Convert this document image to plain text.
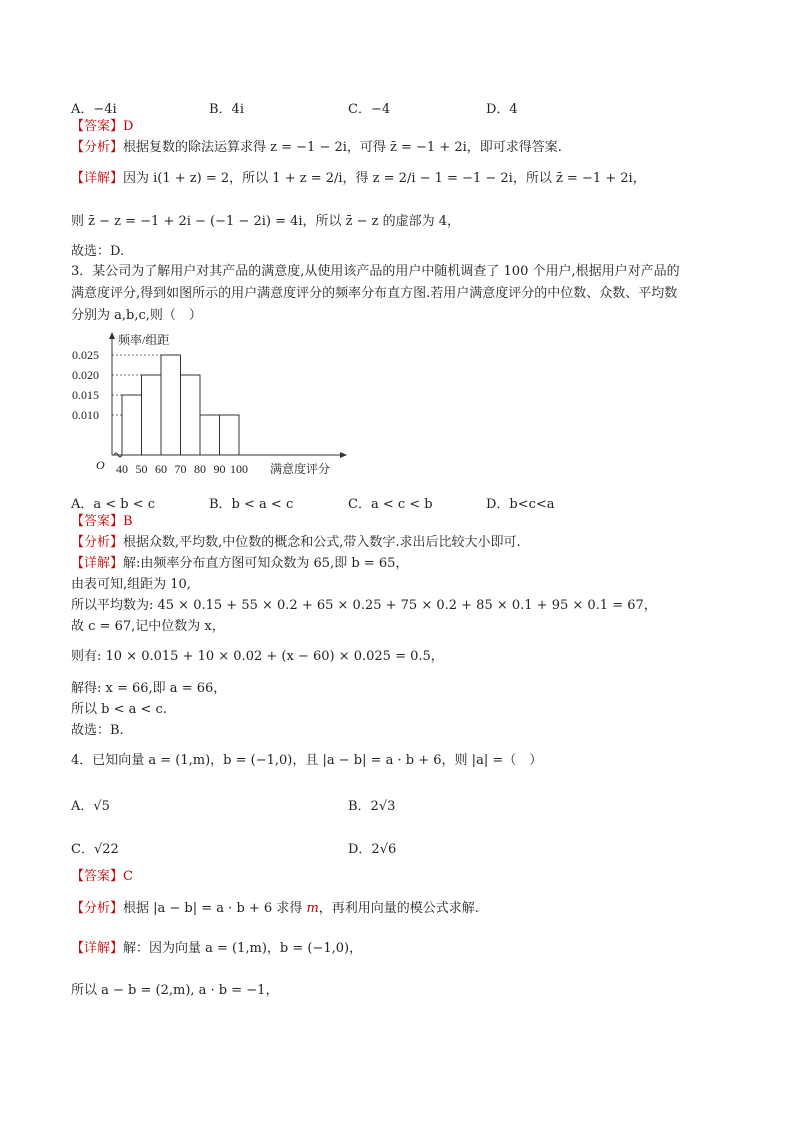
A．−4i	B．4i	C．−4	D．4
【答案】D
【分析】根据复数的除法运算求得 z = −1 − 2i，可得 z̄ = −1 + 2i，即可求得答案.
【详解】因为 i(1 + z) = 2，所以 1 + z = 2/i，得 z = 2/i − 1 = −1 − 2i，所以 z̄ = −1 + 2i，
则 z̄ − z = −1 + 2i − (−1 − 2i) = 4i，所以 z̄ − z 的虚部为 4，
故选：D.
3．某公司为了解用户对其产品的满意度,从使用该产品的用户中随机调查了 100 个用户,根据用户对产品的
满意度评分,得到如图所示的用户满意度评分的频率分布直方图.若用户满意度评分的中位数、众数、平均数
分别为 a,b,c,则（　）
0.010
0.015
0.020
0.025
40 50 60 70 80 90 100
O
频率/组距
满意度评分
A．a < b < c	B．b < a < c	C．a < c < b	D．b<c<a
【答案】B
【分析】根据众数,平均数,中位数的概念和公式,带入数字.求出后比较大小即可.
【详解】解:由频率分布直方图可知众数为 65,即 b = 65，
由表可知,组距为 10,
所以平均数为: 45 × 0.15 + 55 × 0.2 + 65 × 0.25 + 75 × 0.2 + 85 × 0.1 + 95 × 0.1 = 67，
故 c = 67,记中位数为 x，
则有: 10 × 0.015 + 10 × 0.02 + (x − 60) × 0.025 = 0.5，
解得: x = 66,即 a = 66，
所以 b < a < c.
故选：B.
4．已知向量 a = (1,m)，b = (−1,0)，且 |a − b| = a · b + 6，则 |a| =（　）
A．√5	B．2√3
C．√22	D．2√6
【答案】C
【分析】根据 |a − b| = a · b + 6 求得 m，再利用向量的模公式求解.
【详解】解：因为向量 a = (1,m)，b = (−1,0)，
所以 a − b = (2,m), a · b = −1，
